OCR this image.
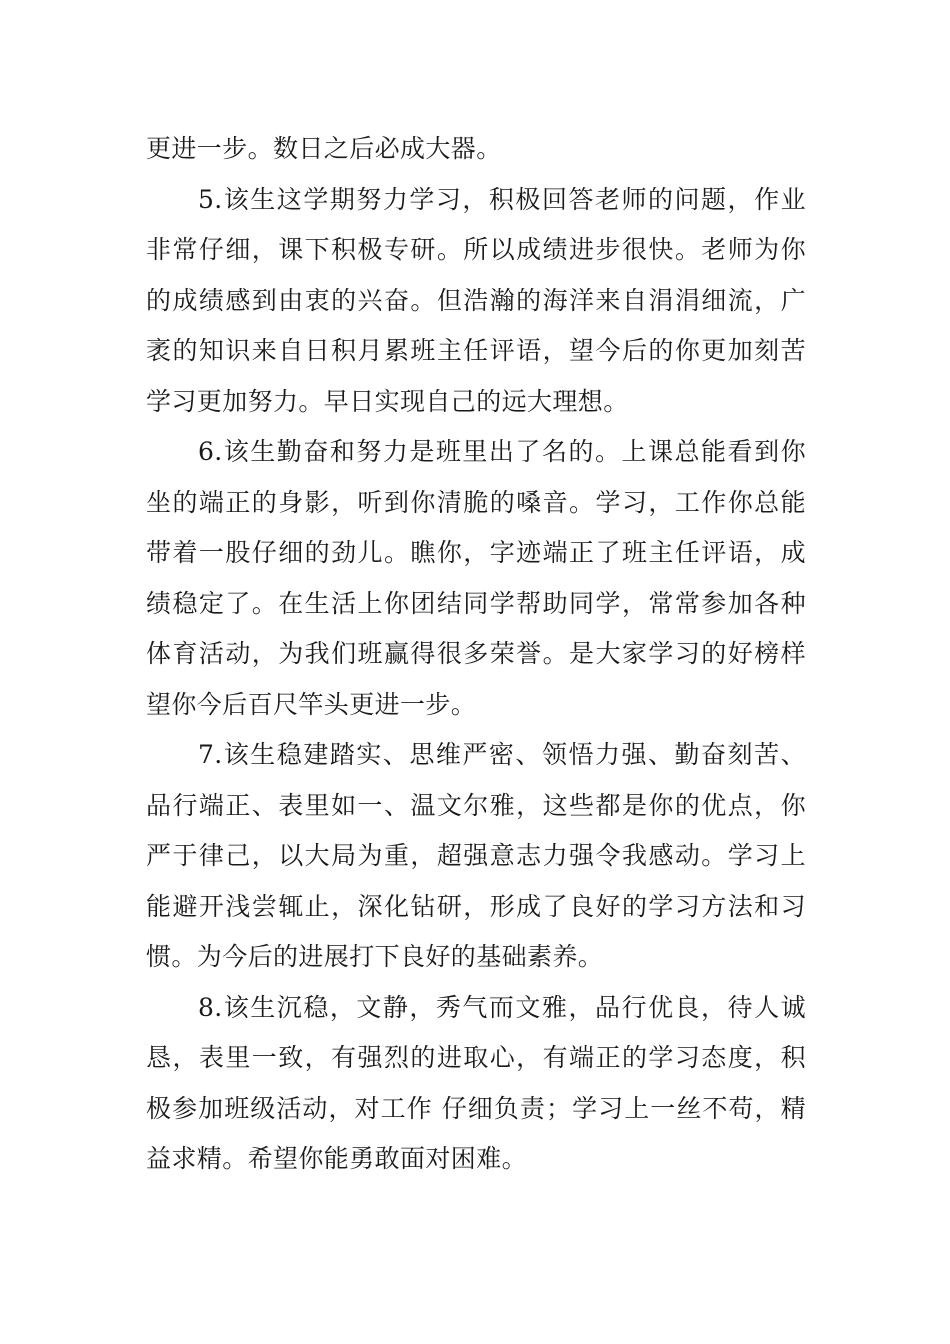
更进一步。数日之后必成大器。

5.该生这学期努力学习，积极回答老师的问题，作业非常仔细，课下积极专研。所以成绩进步很快。老师为你的成绩感到由衷的兴奋。但浩瀚的海洋来自涓涓细流，广袤的知识来自日积月累班主任评语，望今后的你更加刻苦学习更加努力。早日实现自己的远大理想。

6.该生勤奋和努力是班里出了名的。上课总能看到你坐的端正的身影，听到你清脆的嗓音。学习，工作你总能带着一股仔细的劲儿。瞧你，字迹端正了班主任评语，成绩稳定了。在生活上你团结同学帮助同学，常常参加各种体育活动，为我们班赢得很多荣誉。是大家学习的好榜样望你今后百尺竿头更进一步。

7.该生稳建踏实、思维严密、领悟力强、勤奋刻苦、品行端正、表里如一、温文尔雅，这些都是你的优点，你严于律己，以大局为重，超强意志力强令我感动。学习上能避开浅尝辄止，深化钻研，形成了良好的学习方法和习惯。为今后的进展打下良好的基础素养。

8.该生沉稳，文静，秀气而文雅，品行优良，待人诚恳，表里一致，有强烈的进取心，有端正的学习态度，积极参加班级活动，对工作 仔细负责；学习上一丝不苟，精益求精。希望你能勇敢面对困难。
